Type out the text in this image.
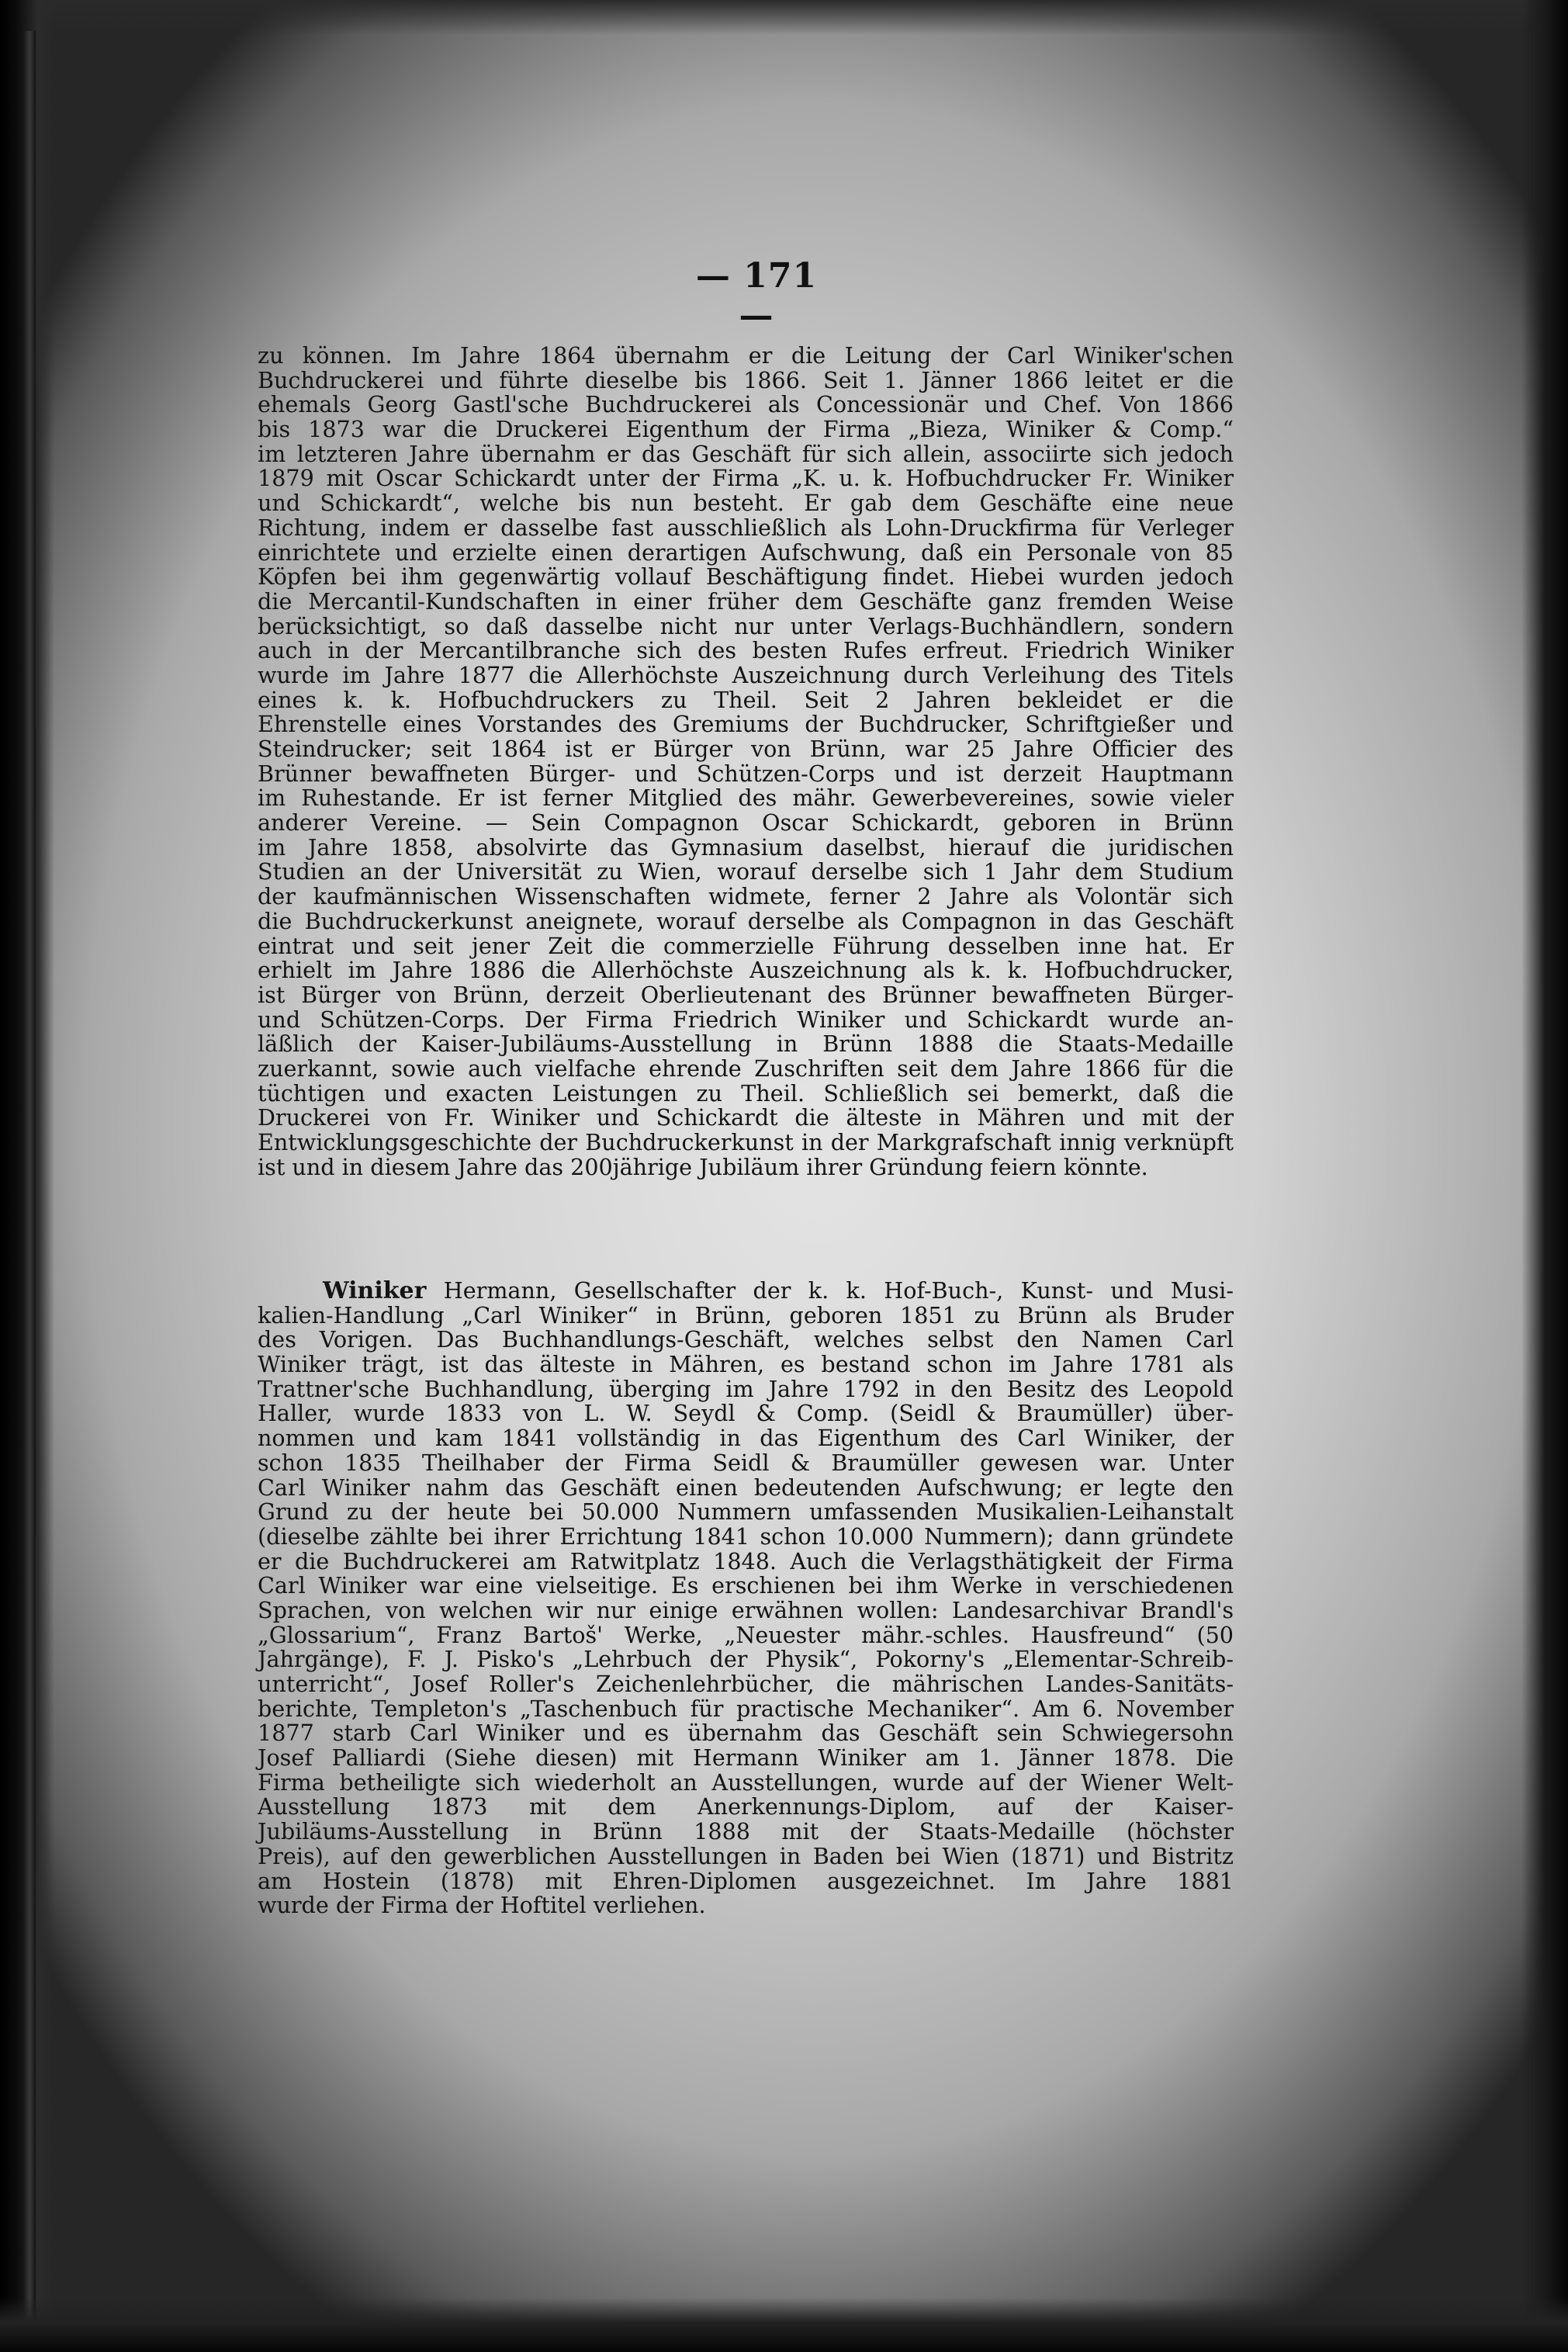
— 171 —
zu können. Im Jahre 1864 übernahm er die Leitung der Carl Winiker'schen
Buchdruckerei und führte dieselbe bis 1866. Seit 1. Jänner 1866 leitet er die
ehemals Georg Gastl'sche Buchdruckerei als Concessionär und Chef. Von 1866
bis 1873 war die Druckerei Eigenthum der Firma „Bieza, Winiker & Comp.“
im letzteren Jahre übernahm er das Geschäft für sich allein, associirte sich jedoch
1879 mit Oscar Schickardt unter der Firma „K. u. k. Hofbuchdrucker Fr. Winiker
und Schickardt“, welche bis nun besteht. Er gab dem Geschäfte eine neue
Richtung, indem er dasselbe fast ausschließlich als Lohn-Druckfirma für Verleger
einrichtete und erzielte einen derartigen Aufschwung, daß ein Personale von 85
Köpfen bei ihm gegenwärtig vollauf Beschäftigung findet. Hiebei wurden jedoch
die Mercantil-Kundschaften in einer früher dem Geschäfte ganz fremden Weise
berücksichtigt, so daß dasselbe nicht nur unter Verlags-Buchhändlern, sondern
auch in der Mercantilbranche sich des besten Rufes erfreut. Friedrich Winiker
wurde im Jahre 1877 die Allerhöchste Auszeichnung durch Verleihung des Titels
eines k. k. Hofbuchdruckers zu Theil. Seit 2 Jahren bekleidet er die
Ehrenstelle eines Vorstandes des Gremiums der Buchdrucker, Schriftgießer und
Steindrucker; seit 1864 ist er Bürger von Brünn, war 25 Jahre Officier des
Brünner bewaffneten Bürger- und Schützen-Corps und ist derzeit Hauptmann
im Ruhestande. Er ist ferner Mitglied des mähr. Gewerbevereines, sowie vieler
anderer Vereine. — Sein Compagnon Oscar Schickardt, geboren in Brünn
im Jahre 1858, absolvirte das Gymnasium daselbst, hierauf die juridischen
Studien an der Universität zu Wien, worauf derselbe sich 1 Jahr dem Studium
der kaufmännischen Wissenschaften widmete, ferner 2 Jahre als Volontär sich
die Buchdruckerkunst aneignete, worauf derselbe als Compagnon in das Geschäft
eintrat und seit jener Zeit die commerzielle Führung desselben inne hat. Er
erhielt im Jahre 1886 die Allerhöchste Auszeichnung als k. k. Hofbuchdrucker,
ist Bürger von Brünn, derzeit Oberlieutenant des Brünner bewaffneten Bürger-
und Schützen-Corps. Der Firma Friedrich Winiker und Schickardt wurde an-
läßlich der Kaiser-Jubiläums-Ausstellung in Brünn 1888 die Staats-Medaille
zuerkannt, sowie auch vielfache ehrende Zuschriften seit dem Jahre 1866 für die
tüchtigen und exacten Leistungen zu Theil. Schließlich sei bemerkt, daß die
Druckerei von Fr. Winiker und Schickardt die älteste in Mähren und mit der
Entwicklungsgeschichte der Buchdruckerkunst in der Markgrafschaft innig verknüpft
ist und in diesem Jahre das 200jährige Jubiläum ihrer Gründung feiern könnte.
Winiker Hermann, Gesellschafter der k. k. Hof-Buch-, Kunst- und Musi-
kalien-Handlung „Carl Winiker“ in Brünn, geboren 1851 zu Brünn als Bruder
des Vorigen. Das Buchhandlungs-Geschäft, welches selbst den Namen Carl
Winiker trägt, ist das älteste in Mähren, es bestand schon im Jahre 1781 als
Trattner'sche Buchhandlung, überging im Jahre 1792 in den Besitz des Leopold
Haller, wurde 1833 von L. W. Seydl & Comp. (Seidl & Braumüller) über-
nommen und kam 1841 vollständig in das Eigenthum des Carl Winiker, der
schon 1835 Theilhaber der Firma Seidl & Braumüller gewesen war. Unter
Carl Winiker nahm das Geschäft einen bedeutenden Aufschwung; er legte den
Grund zu der heute bei 50.000 Nummern umfassenden Musikalien-Leihanstalt
(dieselbe zählte bei ihrer Errichtung 1841 schon 10.000 Nummern); dann gründete
er die Buchdruckerei am Ratwitplatz 1848. Auch die Verlagsthätigkeit der Firma
Carl Winiker war eine vielseitige. Es erschienen bei ihm Werke in verschiedenen
Sprachen, von welchen wir nur einige erwähnen wollen: Landesarchivar Brandl's
„Glossarium“, Franz Bartoš' Werke, „Neuester mähr.-schles. Hausfreund“ (50
Jahrgänge), F. J. Pisko's „Lehrbuch der Physik“, Pokorny's „Elementar-Schreib-
unterricht“, Josef Roller's Zeichenlehrbücher, die mährischen Landes-Sanitäts-
berichte, Templeton's „Taschenbuch für practische Mechaniker“. Am 6. November
1877 starb Carl Winiker und es übernahm das Geschäft sein Schwiegersohn
Josef Palliardi (Siehe diesen) mit Hermann Winiker am 1. Jänner 1878. Die
Firma betheiligte sich wiederholt an Ausstellungen, wurde auf der Wiener Welt-
Ausstellung 1873 mit dem Anerkennungs-Diplom, auf der Kaiser-
Jubiläums-Ausstellung in Brünn 1888 mit der Staats-Medaille (höchster
Preis), auf den gewerblichen Ausstellungen in Baden bei Wien (1871) und Bistritz
am Hostein (1878) mit Ehren-Diplomen ausgezeichnet. Im Jahre 1881
wurde der Firma der Hoftitel verliehen.
